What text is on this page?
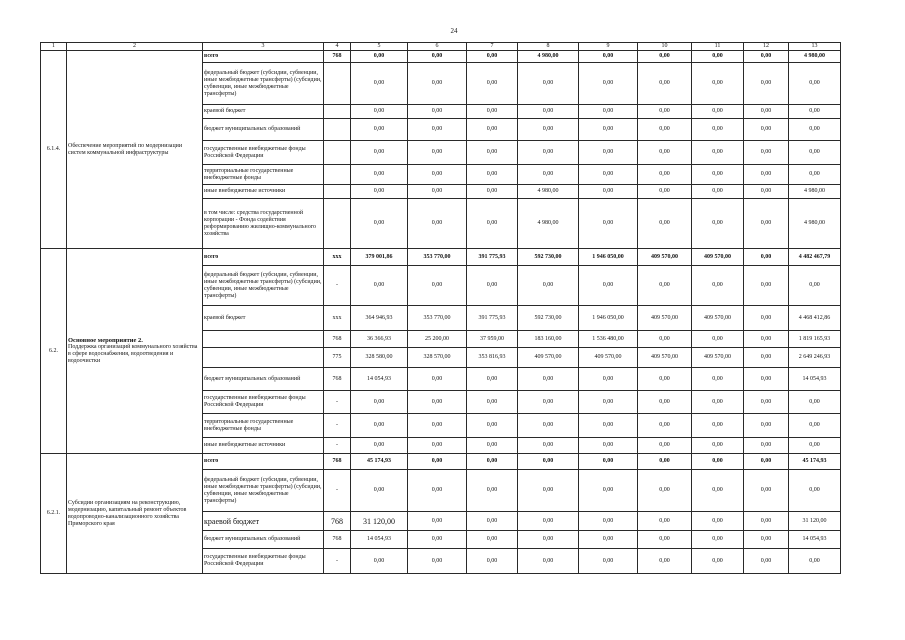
24
1	2	3	4	5	6	7	8	9	10	11	12	13
6.1.4.	Обеспечение мероприятий по модернизации систем коммунальной инфраструктуры	всего	768	0,00	0,00	0,00	4 980,00	0,00	0,00	0,00	0,00	4 980,00
		федеральный бюджет (субсидии, субвенции, иные межбюджетные трансферты) (субсидии, субвенции, иные межбюджетные трансферты)		0,00	0,00	0,00	0,00	0,00	0,00	0,00	0,00	0,00
		краевой бюджет		0,00	0,00	0,00	0,00	0,00	0,00	0,00	0,00	0,00
		бюджет муниципальных образований		0,00	0,00	0,00	0,00	0,00	0,00	0,00	0,00	0,00
		государственные внебюджетные фонды Российской Федерации		0,00	0,00	0,00	0,00	0,00	0,00	0,00	0,00	0,00
		территориальные государственные внебюджетные фонды		0,00	0,00	0,00	0,00	0,00	0,00	0,00	0,00	0,00
		иные внебюджетные источники		0,00	0,00	0,00	4 980,00	0,00	0,00	0,00	0,00	4 980,00
		в том числе: средства государственной корпорации - Фонда содействия реформированию жилищно-коммунального хозяйства		0,00	0,00	0,00	4 980,00	0,00	0,00	0,00	0,00	4 980,00
6.2.	Основное мероприятие 2.
Поддержка организаций коммунального хозяйства в сфере водоснабжения, водоотведения и водоочистки	всего	ххх	379 001,86	353 770,00	391 775,93	592 730,00	1 946 050,00	409 570,00	409 570,00	0,00	4 482 467,79
		федеральный бюджет (субсидии, субвенции, иные межбюджетные трансферты) (субсидии, субвенции, иные межбюджетные трансферты)	-	0,00	0,00	0,00	0,00	0,00	0,00	0,00	0,00	0,00
		краевой бюджет	ххх	364 946,93	353 770,00	391 775,93	592 730,00	1 946 050,00	409 570,00	409 570,00	0,00	4 468 412,86
			768	36 366,93	25 200,00	37 959,00	183 160,00	1 536 480,00	0,00	0,00	0,00	1 819 165,93
			775	328 580,00	328 570,00	353 816,93	409 570,00	409 570,00	409 570,00	409 570,00	0,00	2 649 246,93
		бюджет муниципальных образований	768	14 054,93	0,00	0,00	0,00	0,00	0,00	0,00	0,00	14 054,93
		государственные внебюджетные фонды Российской Федерации	-	0,00	0,00	0,00	0,00	0,00	0,00	0,00	0,00	0,00
		территориальные государственные внебюджетные фонды	-	0,00	0,00	0,00	0,00	0,00	0,00	0,00	0,00	0,00
		иные внебюджетные источники	-	0,00	0,00	0,00	0,00	0,00	0,00	0,00	0,00	0,00
6.2.1.	Субсидии организациям на реконструкцию, модернизацию, капитальный ремонт объектов водопроводно-канализационного хозяйства Приморского края	всего	768	45 174,93	0,00	0,00	0,00	0,00	0,00	0,00	0,00	45 174,93
		федеральный бюджет (субсидии, субвенции, иные межбюджетные трансферты) (субсидии, субвенции, иные межбюджетные трансферты)	-	0,00	0,00	0,00	0,00	0,00	0,00	0,00	0,00	0,00
		краевой бюджет	768	31 120,00	0,00	0,00	0,00	0,00	0,00	0,00	0,00	31 120,00
		бюджет муниципальных образований	768	14 054,93	0,00	0,00	0,00	0,00	0,00	0,00	0,00	14 054,93
		государственные внебюджетные фонды Российской Федерации	-	0,00	0,00	0,00	0,00	0,00	0,00	0,00	0,00	0,00
